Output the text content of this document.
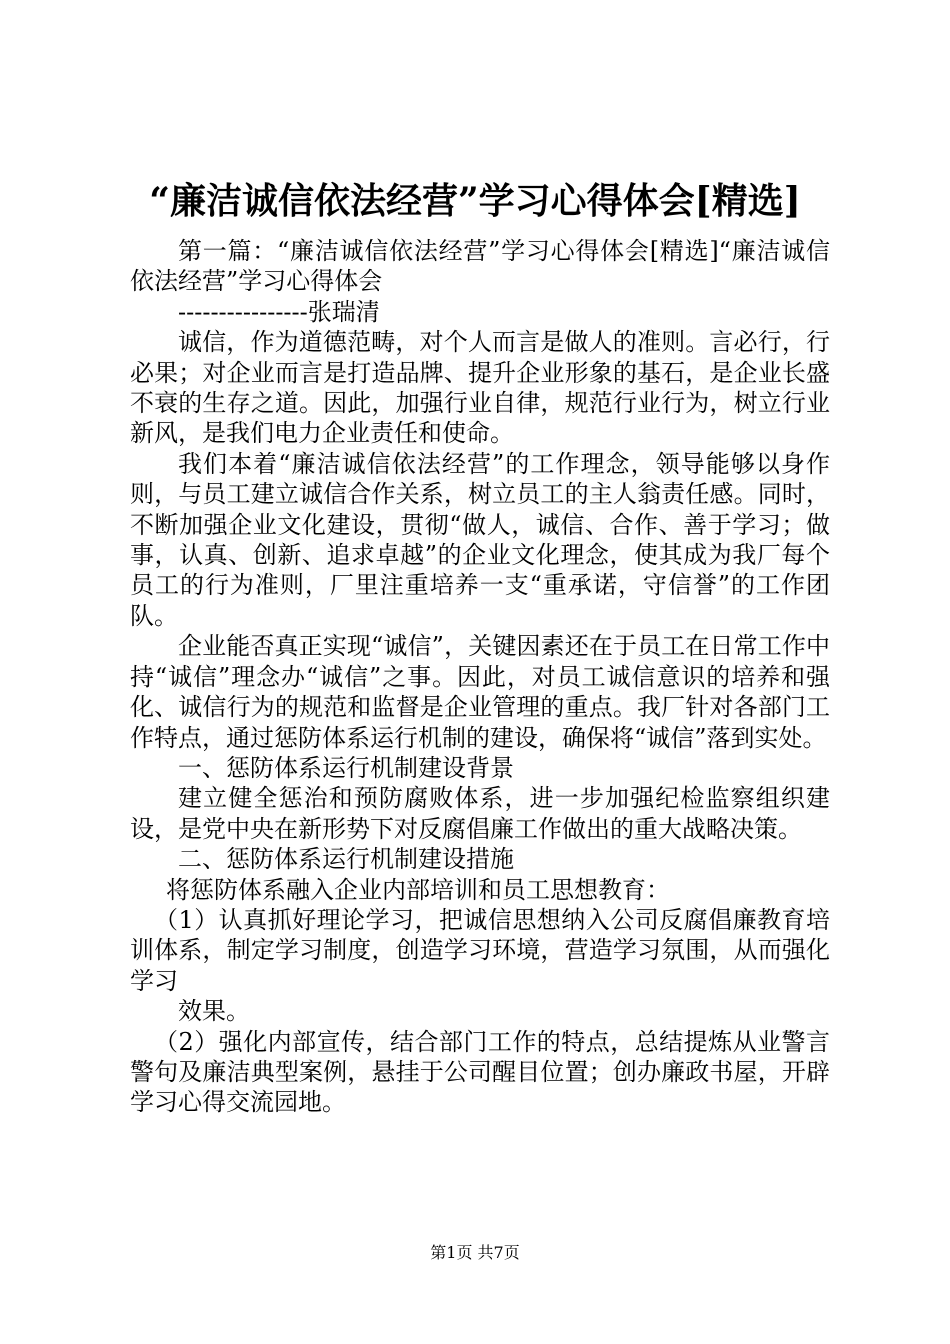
“廉洁诚信依法经营”学习心得体会[精选]

第一篇：“廉洁诚信依法经营”学习心得体会[精选]“廉洁诚信依法经营”学习心得体会

----------------张瑞清

诚信，作为道德范畴，对个人而言是做人的准则。言必行，行必果；对企业而言是打造品牌、提升企业形象的基石，是企业长盛不衰的生存之道。因此，加强行业自律，规范行业行为，树立行业新风，是我们电力企业责任和使命。

我们本着“廉洁诚信依法经营”的工作理念，领导能够以身作则，与员工建立诚信合作关系，树立员工的主人翁责任感。同时，不断加强企业文化建设，贯彻“做人，诚信、合作、善于学习；做事，认真、创新、追求卓越”的企业文化理念，使其成为我厂每个员工的行为准则，厂里注重培养一支“重承诺，守信誉”的工作团队。

企业能否真正实现“诚信”，关键因素还在于员工在日常工作中持“诚信”理念办“诚信”之事。因此，对员工诚信意识的培养和强化、诚信行为的规范和监督是企业管理的重点。我厂针对各部门工作特点，通过惩防体系运行机制的建设，确保将“诚信”落到实处。

一、惩防体系运行机制建设背景

建立健全惩治和预防腐败体系，进一步加强纪检监察组织建设，是党中央在新形势下对反腐倡廉工作做出的重大战略决策。

二、惩防体系运行机制建设措施

将惩防体系融入企业内部培训和员工思想教育：

（1）认真抓好理论学习，把诚信思想纳入公司反腐倡廉教育培训体系，制定学习制度，创造学习环境，营造学习氛围，从而强化学习

效果。

（2）强化内部宣传，结合部门工作的特点，总结提炼从业警言警句及廉洁典型案例，悬挂于公司醒目位置；创办廉政书屋，开辟学习心得交流园地。

第1页 共7页
